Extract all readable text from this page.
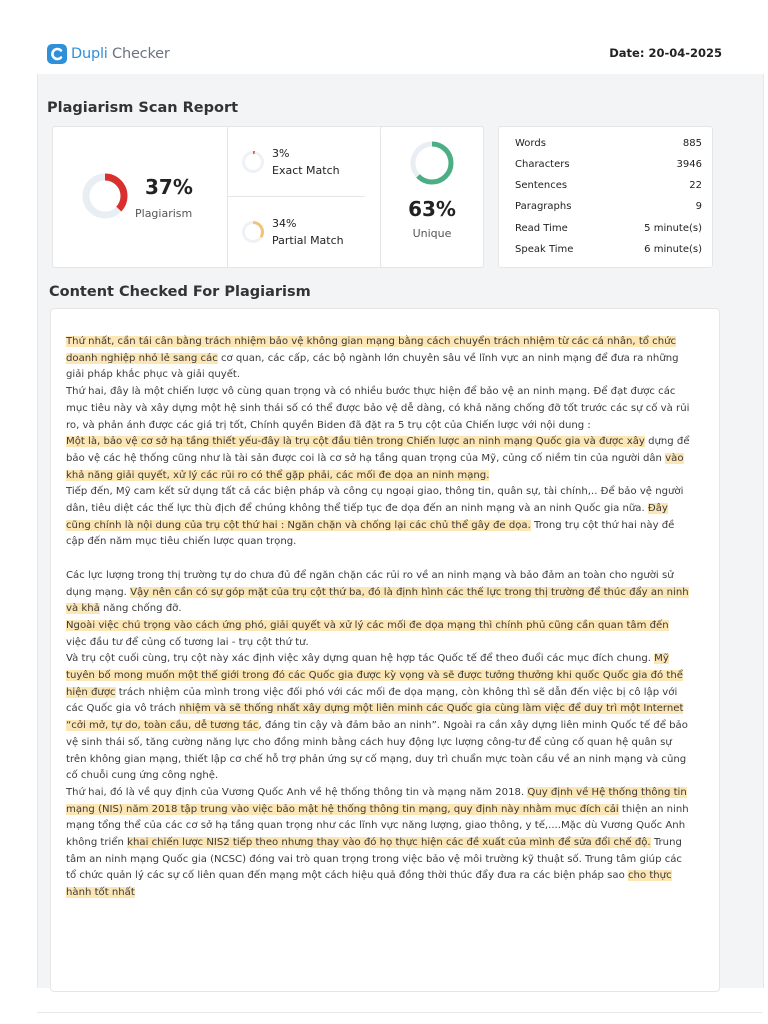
Dupli Checker	Date: 20-04-2025
Plagiarism Scan Report
37%
Plagiarism
3%
Exact Match
34%
Partial Match
63%
Unique
Words	885
Characters	3946
Sentences	22
Paragraphs	9
Read Time	5 minute(s)
Speak Time	6 minute(s)
Content Checked For Plagiarism

Thứ nhất, cần tái cân bằng trách nhiệm bảo vệ không gian mạng bằng cách chuyển trách nhiệm từ các cá nhân, tổ chức doanh nghiệp nhỏ lẻ sang các cơ quan, các cấp, các bộ ngành lớn chuyên sâu về lĩnh vực an ninh mạng để đưa ra những giải pháp khắc phục và giải quyết.

Thứ hai, đây là một chiến lược vô cùng quan trọng và có nhiều bước thực hiện để bảo vệ an ninh mạng. Để đạt được các mục tiêu này và xây dựng một hệ sinh thái số có thể được bảo vệ dễ dàng, có khả năng chống đỡ tốt trước các sự cố và rủi ro, và phản ánh được các giá trị tốt, Chính quyền Biden đã đặt ra 5 trụ cột của Chiến lược với nội dung :

Một là, bảo vệ cơ sở hạ tầng thiết yếu-đây là trụ cột đầu tiên trong Chiến lược an ninh mạng Quốc gia và được xây dựng để bảo vệ các hệ thống cũng như là tài sản được coi là cơ sở hạ tầng quan trọng của Mỹ, củng cố niềm tin của người dân vào khả năng giải quyết, xử lý các rủi ro có thể gặp phải, các mối đe dọa an ninh mạng.

Tiếp đến, Mỹ cam kết sử dụng tất cả các biện pháp và công cụ ngoại giao, thông tin, quân sự, tài chính,.. Để bảo vệ người dân, tiêu diệt các thế lực thù địch để chúng không thể tiếp tục đe dọa đến an ninh mạng và an ninh Quốc gia nữa. Đây cũng chính là nội dung của trụ cột thứ hai : Ngăn chặn và chống lại các chủ thể gây đe dọa. Trong trụ cột thứ hai này đề cập đến năm mục tiêu chiến lược quan trọng.

Các lực lượng trong thị trường tự do chưa đủ để ngăn chặn các rủi ro về an ninh mạng và bảo đảm an toàn cho người sử dụng mạng. Vậy nên cần có sự góp mặt của trụ cột thứ ba, đó là định hình các thế lực trong thị trường để thúc đẩy an ninh và khả năng chống đỡ.

Ngoài việc chú trọng vào cách ứng phó, giải quyết và xử lý các mối đe dọa mạng thì chính phủ cũng cần quan tâm đến việc đầu tư để củng cố tương lai - trụ cột thứ tư.

Và trụ cột cuối cùng, trụ cột này xác định việc xây dựng quan hệ hợp tác Quốc tế để theo đuổi các mục đích chung. Mỹ tuyên bố mong muốn một thế giới trong đó các Quốc gia được kỳ vọng và sẽ được tưởng thưởng khi quốc Quốc gia đó thể hiện được trách nhiệm của mình trong việc đối phó với các mối đe dọa mạng, còn không thì sẽ dẫn đến việc bị cô lập với các Quốc gia vô trách nhiệm và sẽ thống nhất xây dựng một liên minh các Quốc gia cùng làm việc để duy trì một Internet “cởi mở, tự do, toàn cầu, dễ tương tác, đáng tin cậy và đảm bảo an ninh”. Ngoài ra cần xây dựng liên minh Quốc tế để bảo vệ sinh thái số, tăng cường năng lực cho đồng minh bằng cách huy động lực lượng công-tư để củng cố quan hệ quân sự trên không gian mạng, thiết lập cơ chế hỗ trợ phản ứng sự cố mạng, duy trì chuẩn mực toàn cầu về an ninh mạng và củng cố chuỗi cung ứng công nghệ.

Thứ hai, đó là về quy định của Vương Quốc Anh về hệ thống thông tin và mạng năm 2018. Quy định về Hệ thống thông tin mạng (NIS) năm 2018 tập trung vào việc bảo mật hệ thống thông tin mạng, quy định này nhằm mục đích cải thiện an ninh mạng tổng thể của các cơ sở hạ tầng quan trọng như các lĩnh vực năng lượng, giao thông, y tế,....Mặc dù Vương Quốc Anh không triển khai chiến lược NIS2 tiếp theo nhưng thay vào đó họ thực hiện các đề xuất của mình để sửa đổi chế độ. Trung tâm an ninh mạng Quốc gia (NCSC) đóng vai trò quan trọng trong việc bảo vệ môi trường kỹ thuật số. Trung tâm giúp các tổ chức quản lý các sự cố liên quan đến mạng một cách hiệu quả đồng thời thúc đẩy đưa ra các biện pháp sao cho thực hành tốt nhất
